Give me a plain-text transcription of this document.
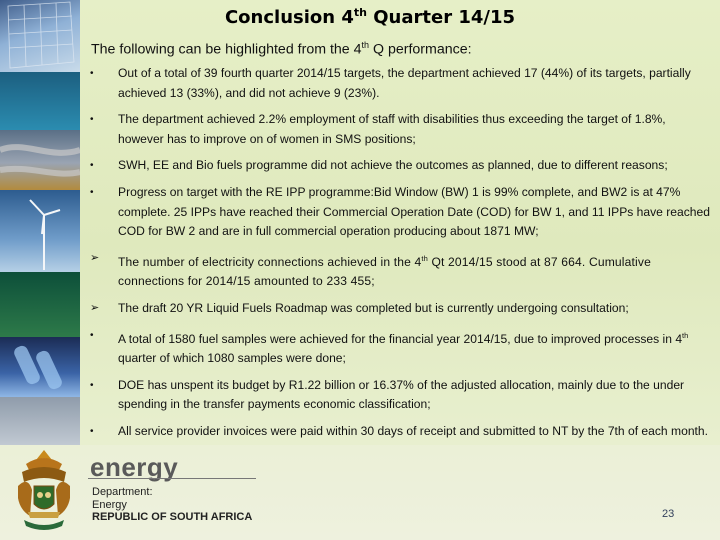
Conclusion 4th Quarter 14/15
The following can be highlighted from the 4th Q performance:
•	Out of a total of 39 fourth quarter 2014/15 targets, the department achieved 17 (44%) of its targets, partially achieved 13 (33%), and did not achieve 9 (23%).
•	The department achieved 2.2% employment of staff with disabilities thus exceeding the target of 1.8%, however has to improve on of women in SMS positions;
•	SWH, EE and Bio fuels programme did not achieve the outcomes as planned, due to different reasons;
•	Progress on target with the RE IPP programme:Bid Window (BW) 1 is 99% complete, and BW2 is at 47% complete. 25 IPPs have reached their Commercial Operation Date (COD) for BW 1, and 11 IPPs have reached COD for BW 2 and are in full commercial operation producing about 1871 MW;
➢	The number of electricity connections achieved in the 4th Qt 2014/15 stood at 87 664. Cumulative connections for 2014/15 amounted to 233 455;
➢	The draft 20 YR Liquid Fuels Roadmap was completed but is currently undergoing consultation;
•	A total of 1580 fuel samples were achieved for the financial year 2014/15, due to improved processes in 4th quarter of which 1080 samples were done;
•	DOE has unspent its budget by R1.22 billion or 16.37% of the adjusted allocation, mainly due to the under spending in the transfer payments economic classification;
•	All service provider invoices were paid within 30 days of receipt and submitted to NT by the 7th of each month.
energy
Department:
Energy
REPUBLIC OF SOUTH AFRICA	23
